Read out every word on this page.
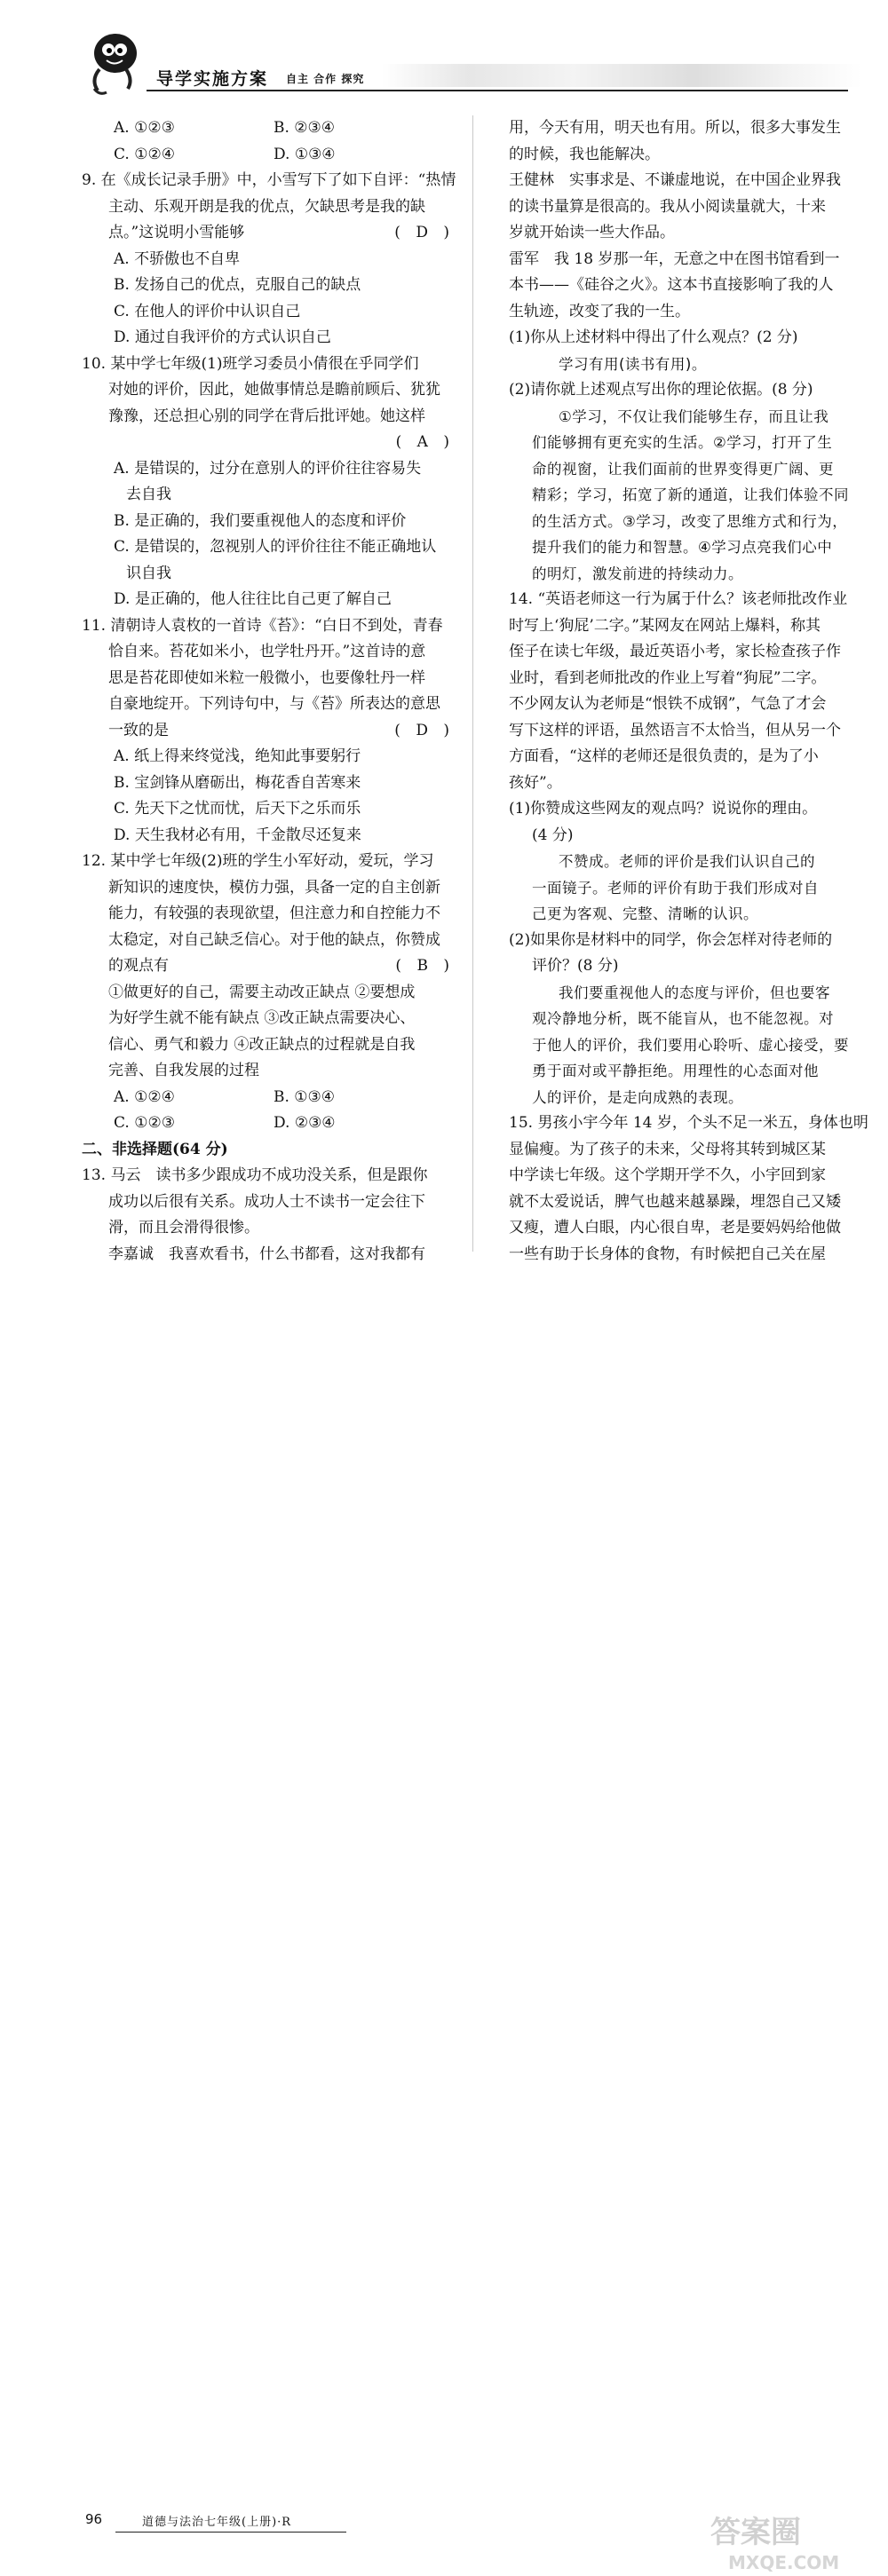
导学实施方案 自主 合作 探究
A. ①②③	B. ②③④
C. ①②④	D. ①③④
9. 在《成长记录手册》中，小雪写下了如下自评：“热情
主动、乐观开朗是我的优点，欠缺思考是我的缺
点。”这说明小雪能够	( D )
A. 不骄傲也不自卑
B. 发扬自己的优点，克服自己的缺点
C. 在他人的评价中认识自己
D. 通过自我评价的方式认识自己
10. 某中学七年级(1)班学习委员小倩很在乎同学们
对她的评价，因此，她做事情总是瞻前顾后、犹犹
豫豫，还总担心别的同学在背后批评她。她这样

( A )
A. 是错误的，过分在意别人的评价往往容易失
去自我
B. 是正确的，我们要重视他人的态度和评价
C. 是错误的，忽视别人的评价往往不能正确地认
识自我
D. 是正确的，他人往往比自己更了解自己
11. 清朝诗人袁枚的一首诗《苔》：“白日不到处，青春
恰自来。苔花如米小，也学牡丹开。”这首诗的意
思是苔花即使如米粒一般微小，也要像牡丹一样
自豪地绽开。下列诗句中，与《苔》所表达的意思
一致的是	( D )
A. 纸上得来终觉浅，绝知此事要躬行
B. 宝剑锋从磨砺出，梅花香自苦寒来
C. 先天下之忧而忧，后天下之乐而乐
D. 天生我材必有用，千金散尽还复来
12. 某中学七年级(2)班的学生小军好动，爱玩，学习
新知识的速度快，模仿力强，具备一定的自主创新
能力，有较强的表现欲望，但注意力和自控能力不
太稳定，对自己缺乏信心。对于他的缺点，你赞成
的观点有	( B )
①做更好的自己，需要主动改正缺点 ②要想成
为好学生就不能有缺点 ③改正缺点需要决心、
信心、勇气和毅力 ④改正缺点的过程就是自我
完善、自我发展的过程
A. ①②④	B. ①③④
C. ①②③	D. ②③④
二、非选择题(64 分)
13. 马云　读书多少跟成功不成功没关系，但是跟你
成功以后很有关系。成功人士不读书一定会往下
滑，而且会滑得很惨。
李嘉诚　我喜欢看书，什么书都看，这对我都有
用，今天有用，明天也有用。所以，很多大事发生
的时候，我也能解决。
王健林　实事求是、不谦虚地说，在中国企业界我
的读书量算是很高的。我从小阅读量就大，十来
岁就开始读一些大作品。
雷军　我 18 岁那一年，无意之中在图书馆看到一
本书——《硅谷之火》。这本书直接影响了我的人
生轨迹，改变了我的一生。
(1)你从上述材料中得出了什么观点？(2 分)
学习有用(读书有用)。
(2)请你就上述观点写出你的理论依据。(8 分)
①学习，不仅让我们能够生存，而且让我
们能够拥有更充实的生活。②学习，打开了生
命的视窗，让我们面前的世界变得更广阔、更
精彩；学习，拓宽了新的通道，让我们体验不同
的生活方式。③学习，改变了思维方式和行为，
提升我们的能力和智慧。④学习点亮我们心中
的明灯，激发前进的持续动力。
14. “英语老师这一行为属于什么？该老师批改作业
时写上‘狗屁’二字。”某网友在网站上爆料，称其
侄子在读七年级，最近英语小考，家长检查孩子作
业时，看到老师批改的作业上写着“狗屁”二字。
不少网友认为老师是“恨铁不成钢”，气急了才会
写下这样的评语，虽然语言不太恰当，但从另一个
方面看，“这样的老师还是很负责的，是为了小
孩好”。
(1)你赞成这些网友的观点吗？说说你的理由。
(4 分)
不赞成。老师的评价是我们认识自己的
一面镜子。老师的评价有助于我们形成对自
己更为客观、完整、清晰的认识。
(2)如果你是材料中的同学，你会怎样对待老师的
评价？(8 分)
我们要重视他人的态度与评价，但也要客
观冷静地分析，既不能盲从，也不能忽视。对
于他人的评价，我们要用心聆听、虚心接受，要
勇于面对或平静拒绝。用理性的心态面对他
人的评价，是走向成熟的表现。
15. 男孩小宇今年 14 岁，个头不足一米五，身体也明
显偏瘦。为了孩子的未来，父母将其转到城区某
中学读七年级。这个学期开学不久，小宇回到家
就不太爱说话，脾气也越来越暴躁，埋怨自己又矮
又瘦，遭人白眼，内心很自卑，老是要妈妈给他做
一些有助于长身体的食物，有时候把自己关在屋
96	道德与法治七年级(上册)·R	答案圈
MXQE.COM
